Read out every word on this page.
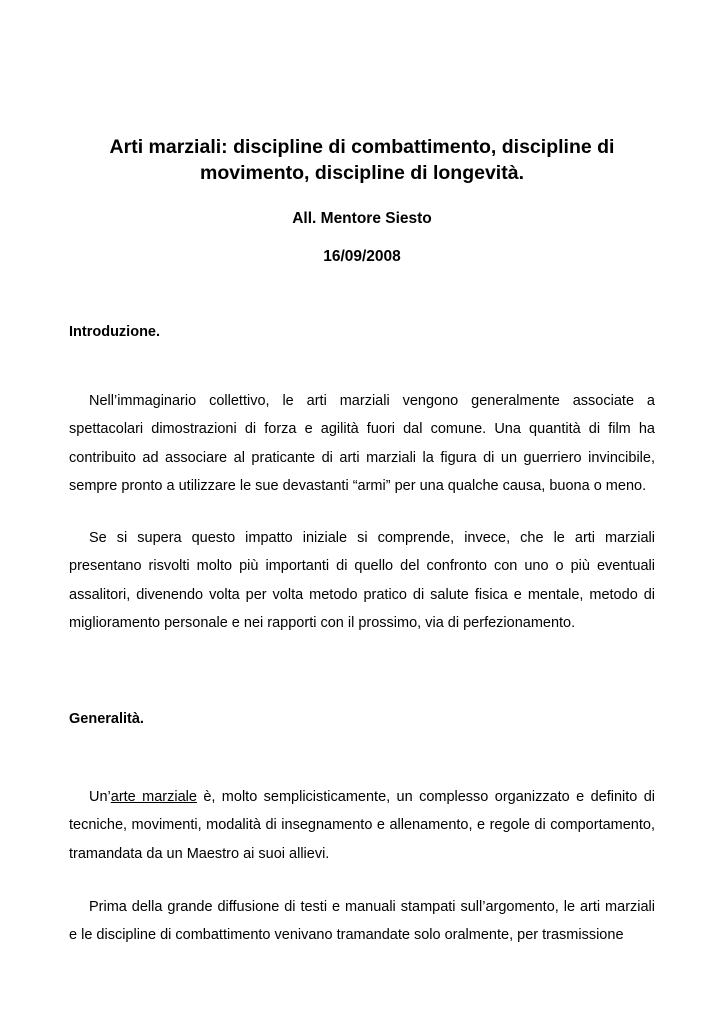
Arti marziali: discipline di combattimento, discipline di movimento, discipline di longevità.
All. Mentore Siesto
16/09/2008
Introduzione.
Nell’immaginario collettivo, le arti marziali vengono generalmente associate a spettacolari dimostrazioni di forza e agilità fuori dal comune. Una quantità di film ha contribuito ad associare al praticante di arti marziali la figura di un guerriero invincibile, sempre pronto a utilizzare le sue devastanti “armi” per una qualche causa, buona o meno.
Se si supera questo impatto iniziale si comprende, invece, che le arti marziali presentano risvolti molto più importanti di quello del confronto con uno o più eventuali assalitori, divenendo volta per volta metodo pratico di salute fisica e mentale, metodo di miglioramento personale e nei rapporti con il prossimo, via di perfezionamento.
Generalità.
Un’arte marziale è, molto semplicisticamente, un complesso organizzato e definito di tecniche, movimenti, modalità di insegnamento e allenamento, e regole di comportamento, tramandata da un Maestro ai suoi allievi.
Prima della grande diffusione di testi e manuali stampati sull’argomento, le arti marziali e le discipline di combattimento venivano tramandate solo oralmente, per trasmissione
